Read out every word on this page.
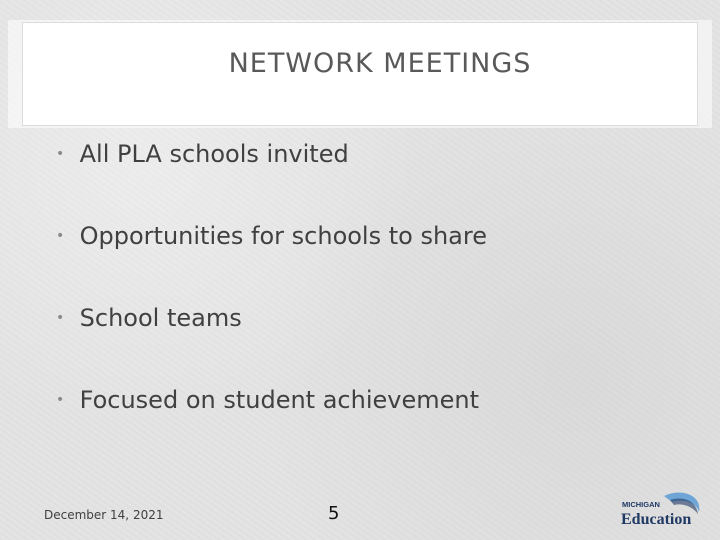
NETWORK MEETINGS
• All PLA schools invited
• Opportunities for schools to share
• School teams
• Focused on student achievement
December 14, 2021	5	MICHIGAN
Education
